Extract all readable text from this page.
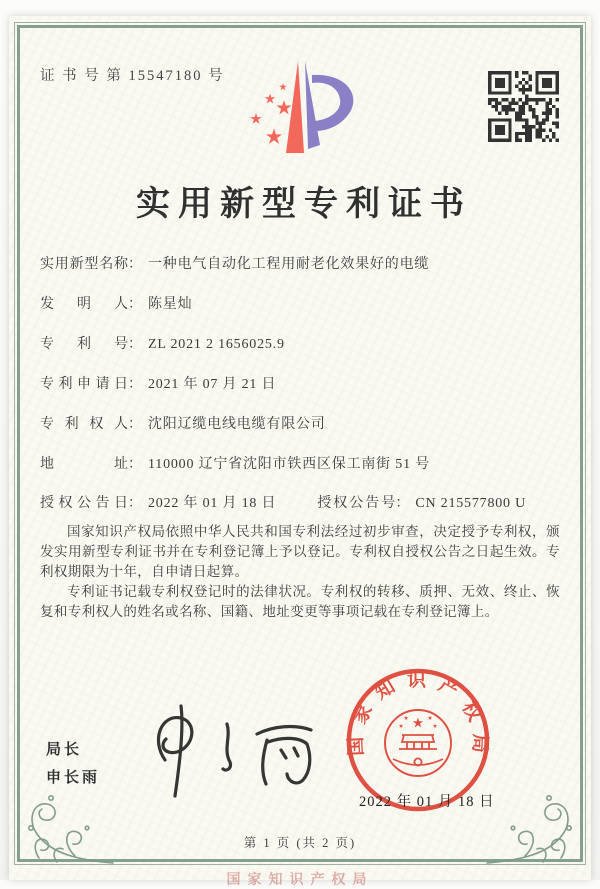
证 书 号 第 15547180 号
实用新型专利证书
实用新型名称： 一种电气自动化工程用耐老化效果好的电缆
发明人： 陈星灿
专利号： ZL 2021 2 1656025.9
专利申请日： 2021 年 07 月 21 日
专利权人： 沈阳辽缆电线电缆有限公司
地址： 110000 辽宁省沈阳市铁西区保工南街 51 号
授权公告日： 2022 年 01 月 18 日	授权公告号： CN 215577800 U

国家知识产权局依照中华人民共和国专利法经过初步审查，决定授予专利权，颁发实用新型专利证书并在专利登记簿上予以登记。专利权自授权公告之日起生效。专利权期限为十年，自申请日起算。

专利证书记载专利权登记时的法律状况。专利权的转移、质押、无效、终止、恢复和专利权人的姓名或名称、国籍、地址变更等事项记载在专利登记簿上。

局长
申长雨
国家知识产权局
2022 年 01 月 18 日
第 1 页 (共 2 页)
国家知识产权局
